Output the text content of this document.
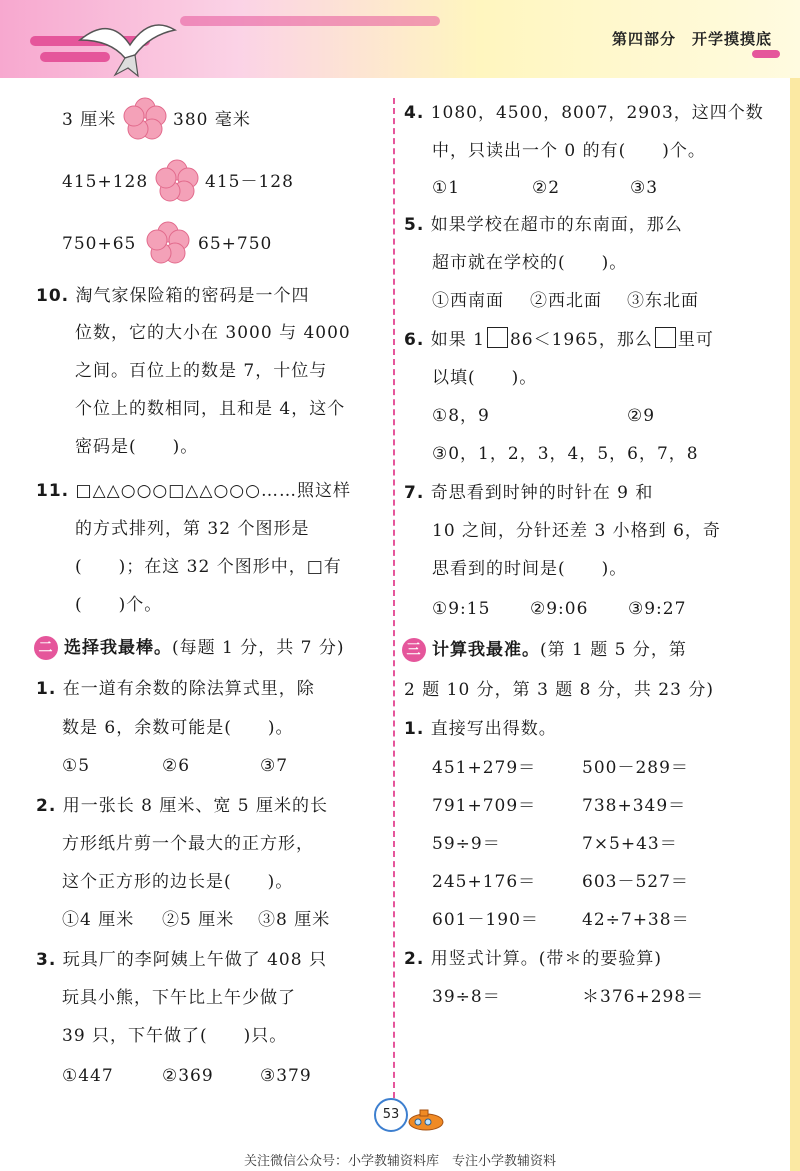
第四部分 开学摸摸底
3 厘米	380 毫米
415+128	415－128
750+65	65+750
10. 淘气家保险箱的密码是一个四
位数，它的大小在 3000 与 4000
之间。百位上的数是 7，十位与
个位上的数相同，且和是 4，这个
密码是( )。
11. □△△○○○□△△○○○……照这样
的方式排列，第 32 个图形是
( )；在这 32 个图形中，□有
( )个。
二 选择我最棒。(每题 1 分，共 7 分)
1. 在一道有余数的除法算式里，除
数是 6，余数可能是( )。
①5	②6	③7
2. 用一张长 8 厘米、宽 5 厘米的长
方形纸片剪一个最大的正方形，
这个正方形的边长是( )。
①4 厘米 ②5 厘米 ③8 厘米
3. 玩具厂的李阿姨上午做了 408 只
玩具小熊，下午比上午少做了
39 只，下午做了( )只。
①447	②369	③379
4. 1080，4500，8007，2903，这四个数
中，只读出一个 0 的有( )个。
①1	②2	③3
5. 如果学校在超市的东南面，那么
超市就在学校的( )。
①西南面 ②西北面 ③东北面
6. 如果 1 86＜1965，那么 里可
以填( )。
①8，9	②9
③0，1，2，3，4，5，6，7，8
7. 奇思看到时钟的时针在 9 和
10 之间，分针还差 3 小格到 6，奇
思看到的时间是( )。
①9:15 ②9:06 ③9:27
三 计算我最准。(第 1 题 5 分，第
2 题 10 分，第 3 题 8 分，共 23 分)
1. 直接写出得数。
451+279＝	500－289＝
791+709＝	738+349＝
59÷9＝	7×5+43＝
245+176＝	603－527＝
601－190＝	42÷7+38＝
2. 用竖式计算。(带＊的要验算)
39÷8＝	＊376+298＝
53
关注微信公众号：小学教辅资料库　专注小学教辅资料
